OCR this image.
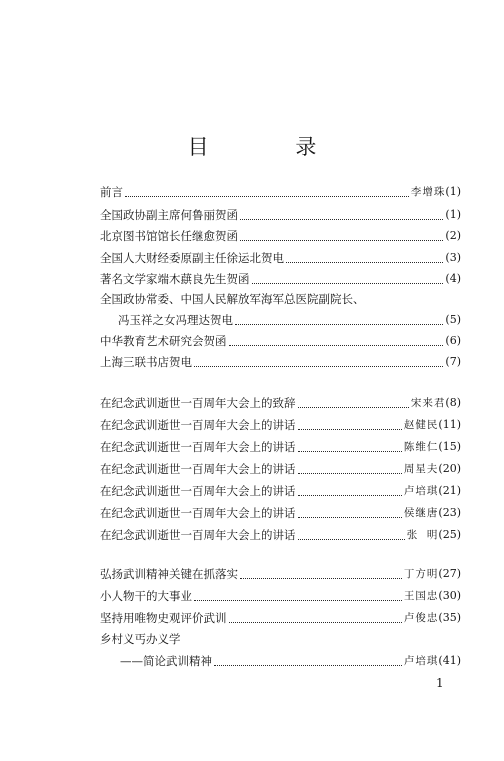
目 录
前言	李增珠 (1)
全国政协副主席何鲁丽贺函	(1)
北京图书馆馆长任继愈贺函	(2)
全国人大财经委原副主任徐运北贺电	(3)
著名文学家端木蕻良先生贺函	(4)
全国政协常委、中国人民解放军海军总医院副院长、
冯玉祥之女冯理达贺电	(5)
中华教育艺术研究会贺函	(6)
上海三联书店贺电	(7)
在纪念武训逝世一百周年大会上的致辞	宋来君 (8)
在纪念武训逝世一百周年大会上的讲话	赵健民 (11)
在纪念武训逝世一百周年大会上的讲话	陈维仁 (15)
在纪念武训逝世一百周年大会上的讲话	周星夫 (20)
在纪念武训逝世一百周年大会上的讲话	卢培琪 (21)
在纪念武训逝世一百周年大会上的讲话	侯继唐 (23)
在纪念武训逝世一百周年大会上的讲话	张  明 (25)
弘扬武训精神关键在抓落实	丁方明 (27)
小人物干的大事业	王国忠 (30)
坚持用唯物史观评价武训	卢俊忠 (35)
乡村义丐办义学
——简论武训精神	卢培琪 (41)
1
